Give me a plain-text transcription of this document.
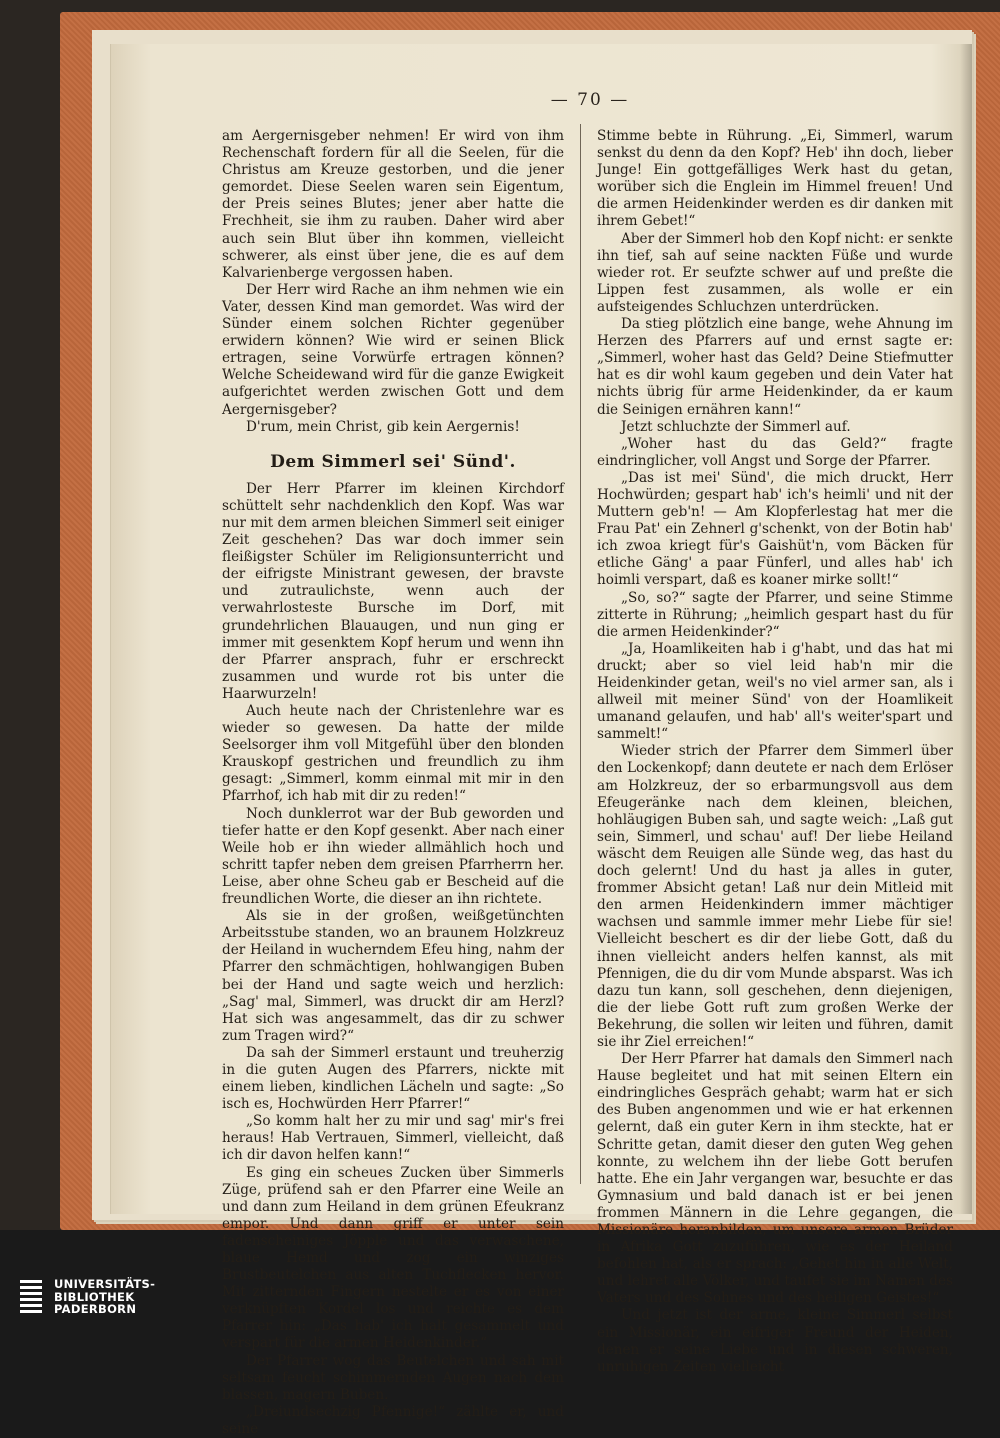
— 70 —

am Aergernisgeber nehmen! Er wird von ihm Rechenschaft fordern für all die Seelen, für die Christus am Kreuze gestorben, und die jener gemordet. Diese Seelen waren sein Eigentum, der Preis seines Blutes; jener aber hatte die Frechheit, sie ihm zu rauben. Daher wird aber auch sein Blut über ihn kommen, vielleicht schwerer, als einst über jene, die es auf dem Kalvarienberge vergossen haben.

Der Herr wird Rache an ihm nehmen wie ein Vater, dessen Kind man gemordet. Was wird der Sünder einem solchen Richter gegenüber erwidern können? Wie wird er seinen Blick ertragen, seine Vorwürfe ertragen können? Welche Scheidewand wird für die ganze Ewigkeit aufgerichtet werden zwischen Gott und dem Aergernisgeber?

D'rum, mein Christ, gib kein Aergernis!

Dem Simmerl sei' Sünd'.

Der Herr Pfarrer im kleinen Kirchdorf schüttelt sehr nachdenklich den Kopf. Was war nur mit dem armen bleichen Simmerl seit einiger Zeit geschehen? Das war doch immer sein fleißigster Schüler im Religionsunterricht und der eifrigste Ministrant gewesen, der bravste und zutraulichste, wenn auch der verwahrlosteste Bursche im Dorf, mit grundehrlichen Blauaugen, und nun ging er immer mit gesenktem Kopf herum und wenn ihn der Pfarrer ansprach, fuhr er erschreckt zusammen und wurde rot bis unter die Haarwurzeln!

Auch heute nach der Christenlehre war es wieder so gewesen. Da hatte der milde Seelsorger ihm voll Mitgefühl über den blonden Krauskopf gestrichen und freundlich zu ihm gesagt: „Simmerl, komm einmal mit mir in den Pfarrhof, ich hab mit dir zu reden!“

Noch dunklerrot war der Bub geworden und tiefer hatte er den Kopf gesenkt. Aber nach einer Weile hob er ihn wieder allmählich hoch und schritt tapfer neben dem greisen Pfarrherrn her. Leise, aber ohne Scheu gab er Bescheid auf die freundlichen Worte, die dieser an ihn richtete.

Als sie in der großen, weißgetünchten Arbeitsstube standen, wo an braunem Holzkreuz der Heiland in wucherndem Efeu hing, nahm der Pfarrer den schmächtigen, hohlwangigen Buben bei der Hand und sagte weich und herzlich: „Sag' mal, Simmerl, was druckt dir am Herzl? Hat sich was angesammelt, das dir zu schwer zum Tragen wird?“

Da sah der Simmerl erstaunt und treuherzig in die guten Augen des Pfarrers, nickte mit einem lieben, kindlichen Lächeln und sagte: „So isch es, Hochwürden Herr Pfarrer!“

„So komm halt her zu mir und sag' mir's frei heraus! Hab Vertrauen, Simmerl, vielleicht, daß ich dir davon helfen kann!“

Es ging ein scheues Zucken über Simmerls Züge, prüfend sah er den Pfarrer eine Weile an und dann zum Heiland in dem grünen Efeukranz empor. Und dann griff er unter sein fadenscheiniges Jöpple und das verwaschene, blaue Hemd und zog ein winziges Brustbeutelchen aus alten Tuchflecken hervor. Mit zitternden Fingern nestelte er es von einer verknüpften Kordel los und reichte es dem Pfarrer hin: „Das hab' ich halt gesammelt und verspart für die armen Heidenkinder.“

Der Pfarrer wog das Beutelchen und sah mit seltsam feucht schimmernden Augen nach dem blassen, magern Buben.

„Dreiundsechzig Pfennige!“ zählte er, und seine

Stimme bebte in Rührung. „Ei, Simmerl, warum senkst du denn da den Kopf? Heb' ihn doch, lieber Junge! Ein gottgefälliges Werk hast du getan, worüber sich die Englein im Himmel freuen! Und die armen Heidenkinder werden es dir danken mit ihrem Gebet!“

Aber der Simmerl hob den Kopf nicht: er senkte ihn tief, sah auf seine nackten Füße und wurde wieder rot. Er seufzte schwer auf und preßte die Lippen fest zusammen, als wolle er ein aufsteigendes Schluchzen unterdrücken.

Da stieg plötzlich eine bange, wehe Ahnung im Herzen des Pfarrers auf und ernst sagte er: „Simmerl, woher hast das Geld? Deine Stiefmutter hat es dir wohl kaum gegeben und dein Vater hat nichts übrig für arme Heidenkinder, da er kaum die Seinigen ernähren kann!“

Jetzt schluchzte der Simmerl auf.

„Woher hast du das Geld?“ fragte eindringlicher, voll Angst und Sorge der Pfarrer.

„Das ist mei' Sünd', die mich druckt, Herr Hochwürden; gespart hab' ich's heimli' und nit der Muttern geb'n! — Am Klopferlestag hat mer die Frau Pat' ein Zehnerl g'schenkt, von der Botin hab' ich zwoa kriegt für's Gaishüt'n, vom Bäcken für etliche Gäng' a paar Fünferl, und alles hab' ich hoimli verspart, daß es koaner mirke sollt!“

„So, so?“ sagte der Pfarrer, und seine Stimme zitterte in Rührung; „heimlich gespart hast du für die armen Heidenkinder?“

„Ja, Hoamlikeiten hab i g'habt, und das hat mi druckt; aber so viel leid hab'n mir die Heidenkinder getan, weil's no viel armer san, als i allweil mit meiner Sünd' von der Hoamlikeit umanand gelaufen, und hab' all's weiter'spart und sammelt!“

Wieder strich der Pfarrer dem Simmerl über den Lockenkopf; dann deutete er nach dem Erlöser am Holzkreuz, der so erbarmungsvoll aus dem Efeugeränke nach dem kleinen, bleichen, hohläugigen Buben sah, und sagte weich: „Laß gut sein, Simmerl, und schau' auf! Der liebe Heiland wäscht dem Reuigen alle Sünde weg, das hast du doch gelernt! Und du hast ja alles in guter, frommer Absicht getan! Laß nur dein Mitleid mit den armen Heidenkindern immer mächtiger wachsen und sammle immer mehr Liebe für sie! Vielleicht beschert es dir der liebe Gott, daß du ihnen vielleicht anders helfen kannst, als mit Pfennigen, die du dir vom Munde absparst. Was ich dazu tun kann, soll geschehen, denn diejenigen, die der liebe Gott ruft zum großen Werke der Bekehrung, die sollen wir leiten und führen, damit sie ihr Ziel erreichen!“

Der Herr Pfarrer hat damals den Simmerl nach Hause begleitet und hat mit seinen Eltern ein eindringliches Gespräch gehabt; warm hat er sich des Buben angenommen und wie er hat erkennen gelernt, daß ein guter Kern in ihm steckte, hat er Schritte getan, damit dieser den guten Weg gehen konnte, zu welchem ihn der liebe Gott berufen hatte. Ehe ein Jahr vergangen war, besuchte er das Gymnasium und bald danach ist er bei jenen frommen Männern in die Lehre gegangen, die Missionäre heranbilden, um unsere armen Brüder in Afrika Gott zuzuführen, wie es der Heiland befohlen hat, als er sprach: „Gehet hin in alle Welt, und lehret alle Völker, und taufet sie im Namen des Vaters und des Sohnes und des heiligen Geistes!“

Und jetzt ist der arme, kleine Simmerl selbst ein Missionär, ein eifriger Freund der Heiden, denen er seine Liebe und in diesen schweren, unruhigen Zeiten vielleicht

UNIVERSITÄTS-
BIBLIOTHEK
PADERBORN
